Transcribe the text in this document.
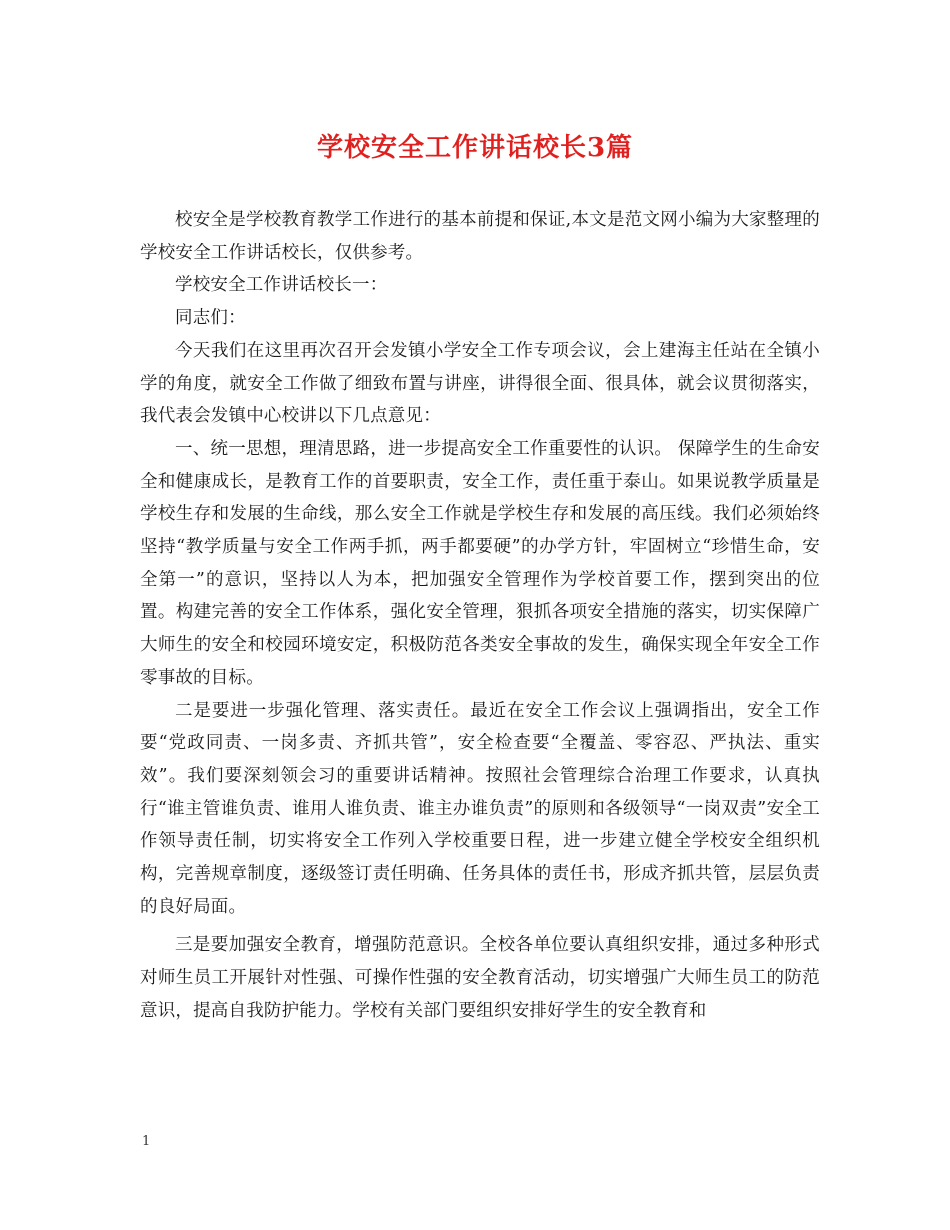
学校安全工作讲话校长3篇

校安全是学校教育教学工作进行的基本前提和保证,本文是范文网小编为大家整理的学校安全工作讲话校长，仅供参考。

学校安全工作讲话校长一：

同志们：

今天我们在这里再次召开会发镇小学安全工作专项会议，会上建海主任站在全镇小学的角度，就安全工作做了细致布置与讲座，讲得很全面、很具体，就会议贯彻落实，我代表会发镇中心校讲以下几点意见：

一、统一思想，理清思路，进一步提高安全工作重要性的认识。 保障学生的生命安全和健康成长，是教育工作的首要职责，安全工作，责任重于泰山。如果说教学质量是学校生存和发展的生命线，那么安全工作就是学校生存和发展的高压线。我们必须始终坚持“教学质量与安全工作两手抓，两手都要硬”的办学方针，牢固树立“珍惜生命，安全第一”的意识，坚持以人为本，把加强安全管理作为学校首要工作，摆到突出的位置。构建完善的安全工作体系，强化安全管理，狠抓各项安全措施的落实，切实保障广大师生的安全和校园环境安定，积极防范各类安全事故的发生，确保实现全年安全工作零事故的目标。

二是要进一步强化管理、落实责任。最近在安全工作会议上强调指出，安全工作要“党政同责、一岗多责、齐抓共管”，安全检查要“全覆盖、零容忍、严执法、重实效”。我们要深刻领会习的重要讲话精神。按照社会管理综合治理工作要求，认真执行“谁主管谁负责、谁用人谁负责、谁主办谁负责”的原则和各级领导“一岗双责”安全工作领导责任制，切实将安全工作列入学校重要日程，进一步建立健全学校安全组织机构，完善规章制度，逐级签订责任明确、任务具体的责任书，形成齐抓共管，层层负责的良好局面。

三是要加强安全教育，增强防范意识。全校各单位要认真组织安排，通过多种形式对师生员工开展针对性强、可操作性强的安全教育活动，切实增强广大师生员工的防范意识，提高自我防护能力。学校有关部门要组织安排好学生的安全教育和

1
